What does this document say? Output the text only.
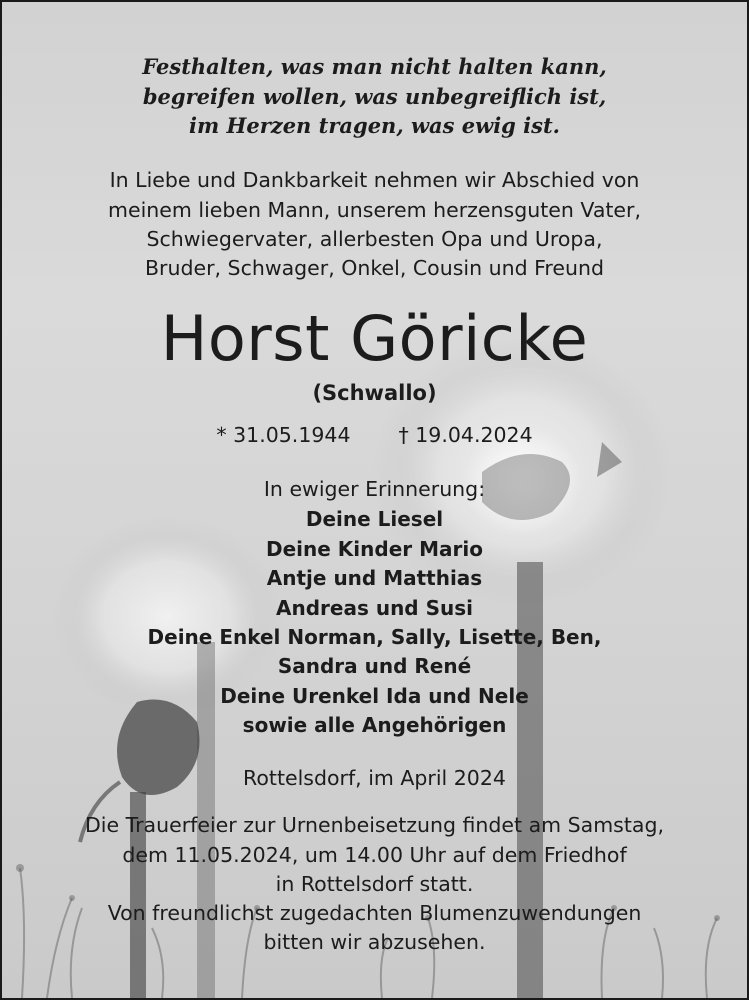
Festhalten, was man nicht halten kann,
begreifen wollen, was unbegreiflich ist,
im Herzen tragen, was ewig ist.
In Liebe und Dankbarkeit nehmen wir Abschied von
meinem lieben Mann, unserem herzensguten Vater,
Schwiegervater, allerbesten Opa und Uropa,
Bruder, Schwager, Onkel, Cousin und Freund
Horst Göricke
(Schwallo)
* 31.05.1944 † 19.04.2024
In ewiger Erinnerung:
Deine Liesel
Deine Kinder Mario
Antje und Matthias
Andreas und Susi
Deine Enkel Norman, Sally, Lisette, Ben,
Sandra und René
Deine Urenkel Ida und Nele
sowie alle Angehörigen
Rottelsdorf, im April 2024
Die Trauerfeier zur Urnenbeisetzung findet am Samstag,
dem 11.05.2024, um 14.00 Uhr auf dem Friedhof
in Rottelsdorf statt.
Von freundlichst zugedachten Blumenzuwendungen
bitten wir abzusehen.
